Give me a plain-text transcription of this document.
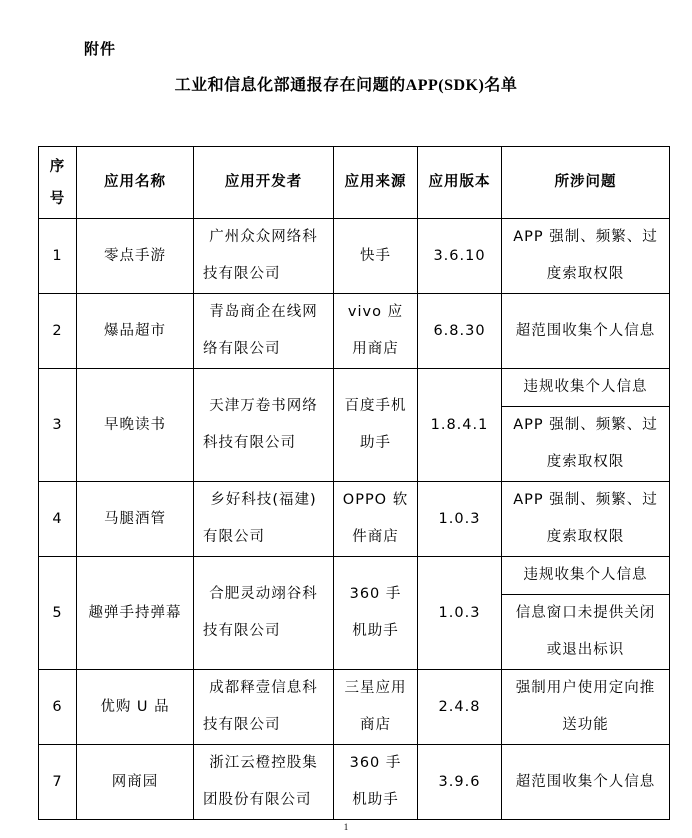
附件
工业和信息化部通报存在问题的APP(SDK)名单
序
号	应用名称	应用开发者	应用来源	应用版本	所涉问题
1	零点手游	广州众众网络科技有限公司	快手	3.6.10	APP 强制、频繁、过度索取权限
2	爆品超市	青岛商企在线网络有限公司	vivo 应用商店	6.8.30	超范围收集个人信息
3	早晚读书	天津万卷书网络科技有限公司	百度手机助手	1.8.4.1	违规收集个人信息
					APP 强制、频繁、过度索取权限
4	马腿酒管	乡好科技(福建)有限公司	OPPO 软件商店	1.0.3	APP 强制、频繁、过度索取权限
5	趣弹手持弹幕	合肥灵动翊谷科技有限公司	360 手机助手	1.0.3	违规收集个人信息
					信息窗口未提供关闭或退出标识
6	优购 U 品	成都释壹信息科技有限公司	三星应用商店	2.4.8	强制用户使用定向推送功能
7	网商园	浙江云橙控股集团股份有限公司	360 手机助手	3.9.6	超范围收集个人信息
1
